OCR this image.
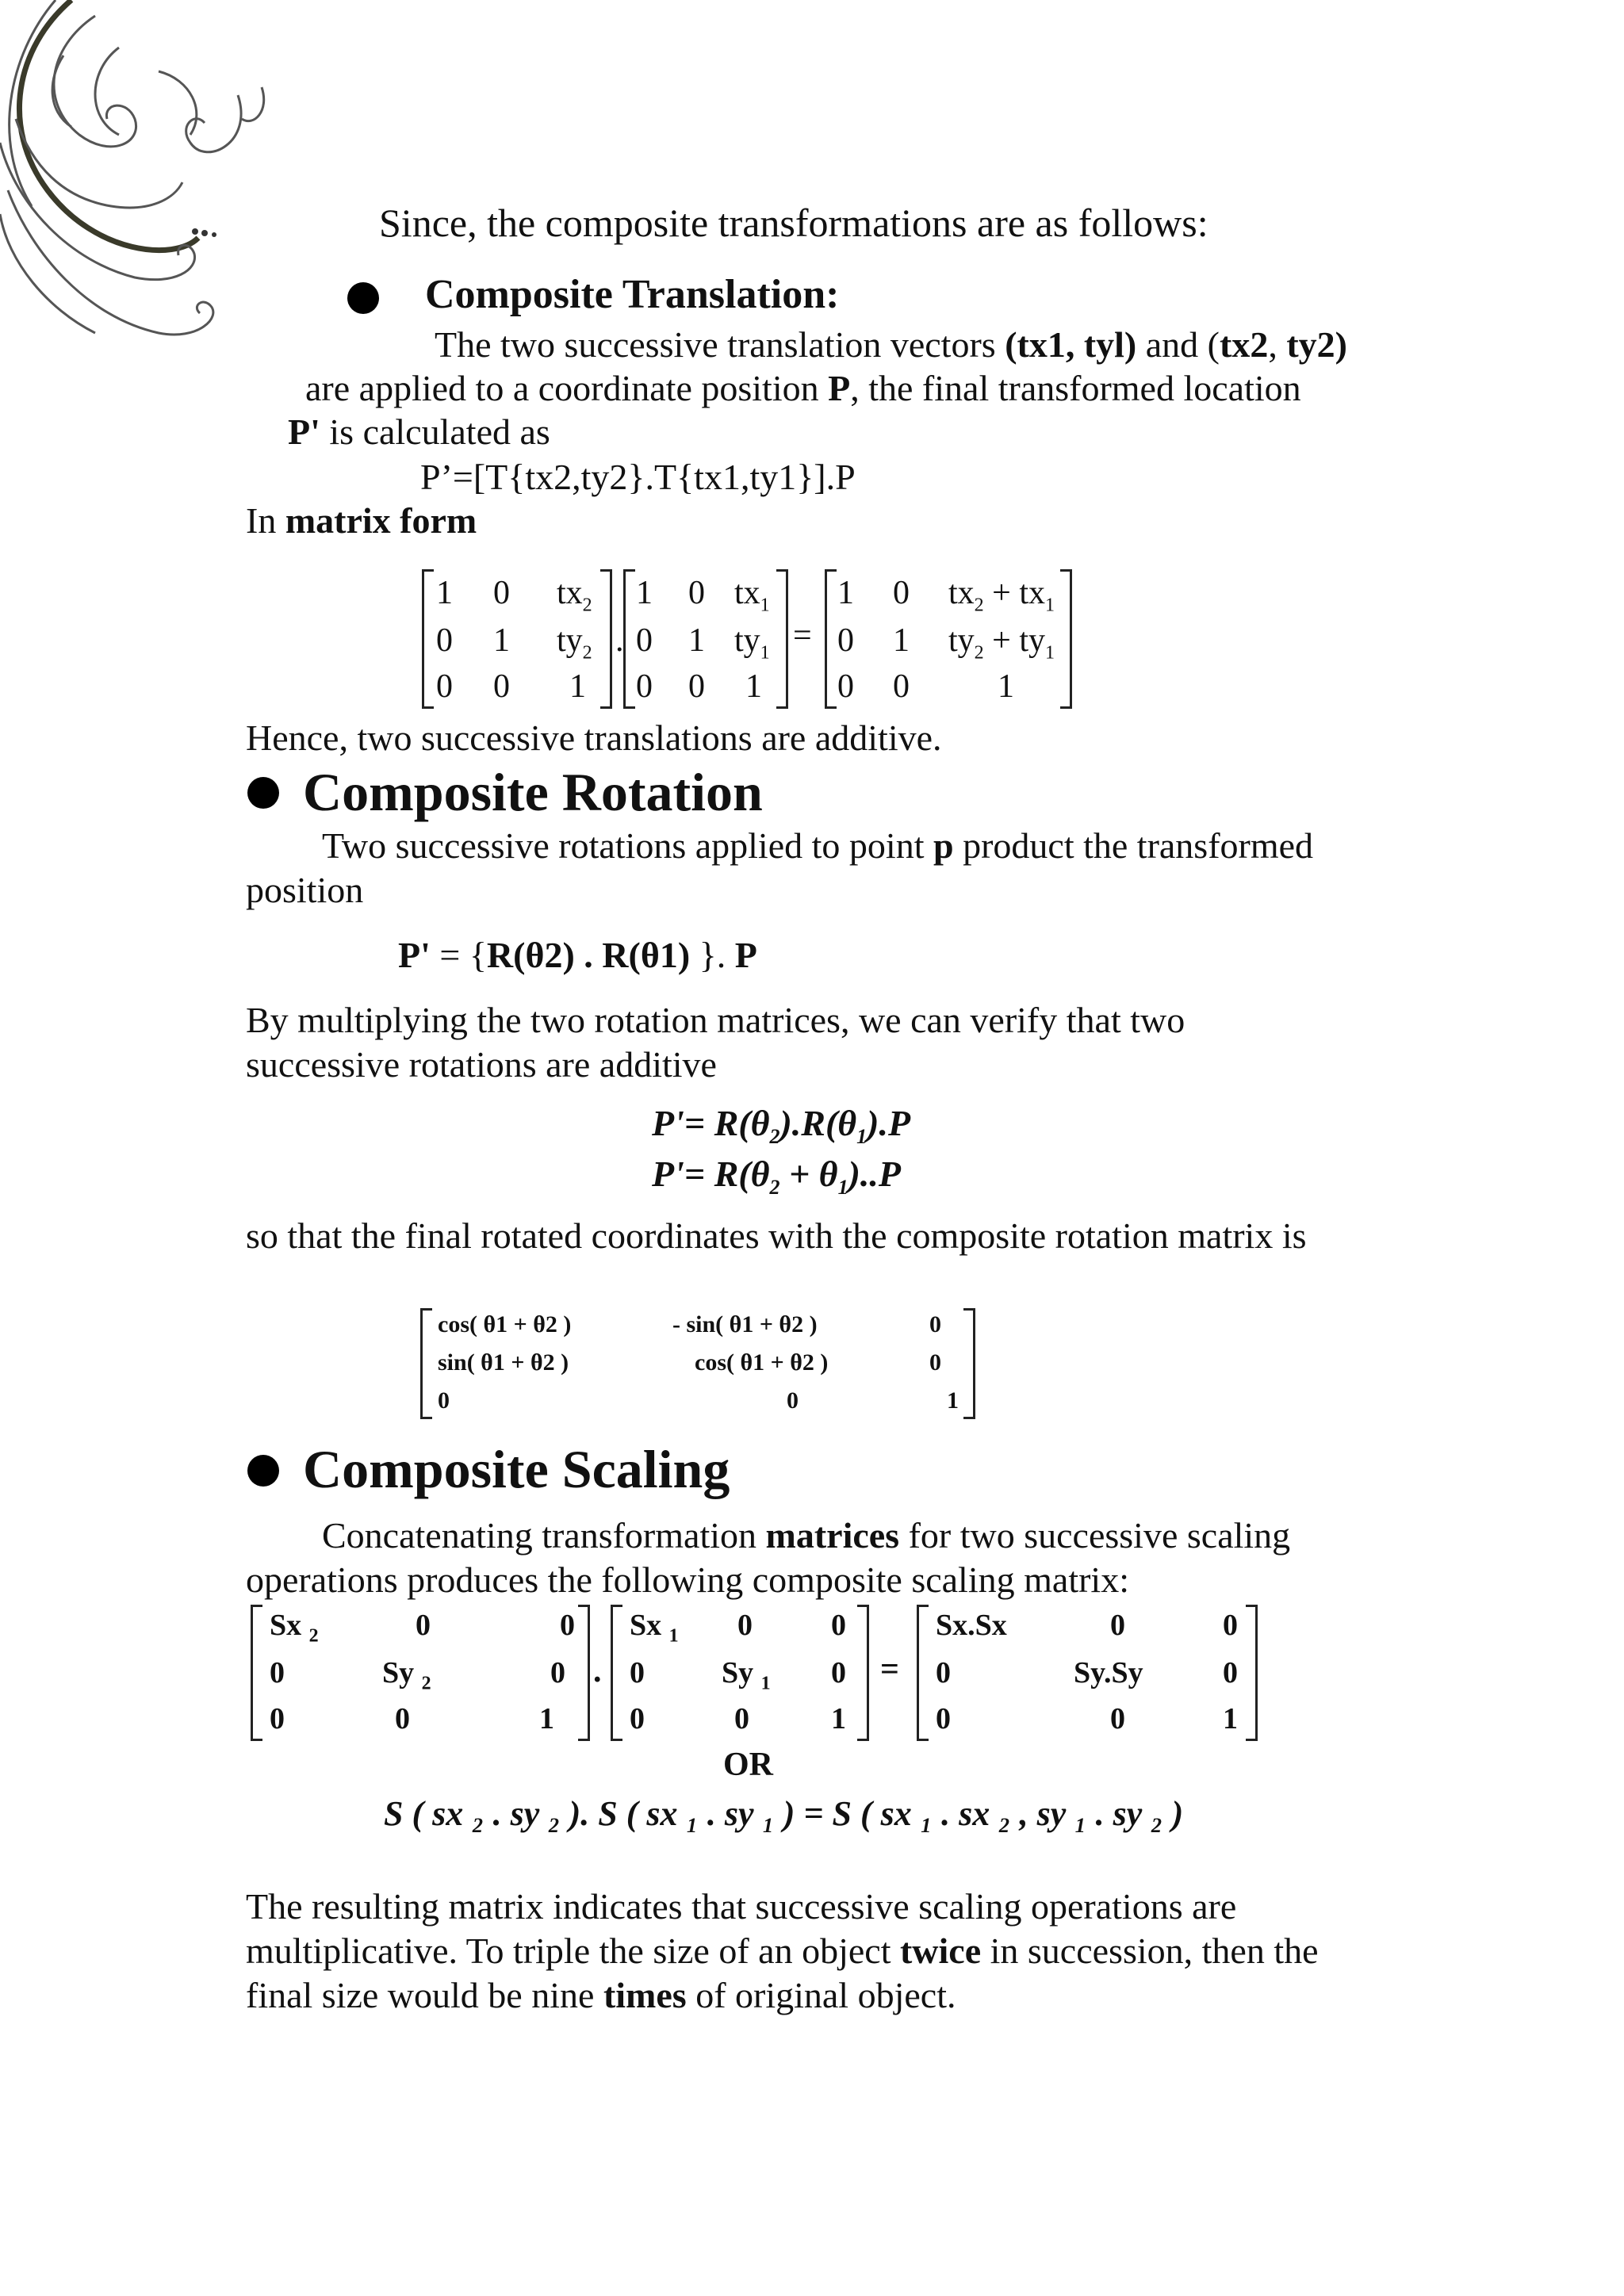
Since, the composite transformations are as follows:
Composite Translation:
The two successive translation vectors (tx1, tyl) and (tx2, ty2)
are applied to a coordinate position P, the final transformed location
P' is calculated as
P’=[T{tx2,ty2}.T{tx1,ty1}].P
In matrix form
1 0 $tx_2$
0 1 $ty_2$
0 0 1
.
1 0 $tx_1$
0 1 $ty_1$
0 0 1
=
1 0 $tx_2 + tx_1$
0 1 $ty_2 + ty_1$
0 0	1
Hence, two successive translations are additive.
Composite Rotation
Two successive rotations applied to point p product the transformed
position
P' = {R(θ2) . R(θ1) }. P
By multiplying the two rotation matrices, we can verify that two
successive rotations are additive
$P'= R(\theta_2).R(\theta_1).P$
$P'= R(\theta_2 + \theta_1)..P$
so that the final rotated coordinates with the composite rotation matrix is
cos( θ1 + θ2 )	- sin( θ1 + θ2 )	0
sin( θ1 + θ2 )	cos( θ1 + θ2 )	0
0	0	1
Composite Scaling
Concatenating transformation matrices for two successive scaling
operations produces the following composite scaling matrix:
Sx $_2$	0	0
0	Sy $_2$	0
0	0	1
.
Sx $_1$ 0	0
0	Sy $_1$ 0
0	0	1
=
Sx.Sx	0	0
0	Sy.Sy	0
0	0	1
OR
S ( sx ₂ . sy ₂ ). S ( sx ₁ . sy ₁ ) = S ( sx ₁ . sx ₂ , sy ₁ . sy ₂ )
The resulting matrix indicates that successive scaling operations are
multiplicative. To triple the size of an object twice in succession, then the
final size would be nine times of original object.
